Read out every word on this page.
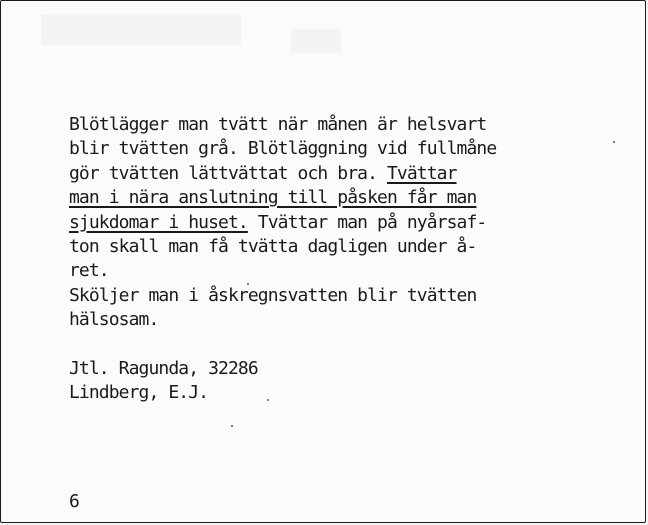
Blötlägger man tvätt när månen är helsvart
blir tvätten grå. Blötläggning vid fullmåne
gör tvätten lättvättat och bra. Tvättar
man i nära anslutning till påsken får man
sjukdomar i huset. Tvättar man på nyårsaf-
ton skall man få tvätta dagligen under å-
ret.
Sköljer man i åskregnsvatten blir tvätten
hälsosam.
Jtl. Ragunda, 32286
Lindberg, E.J.
6
